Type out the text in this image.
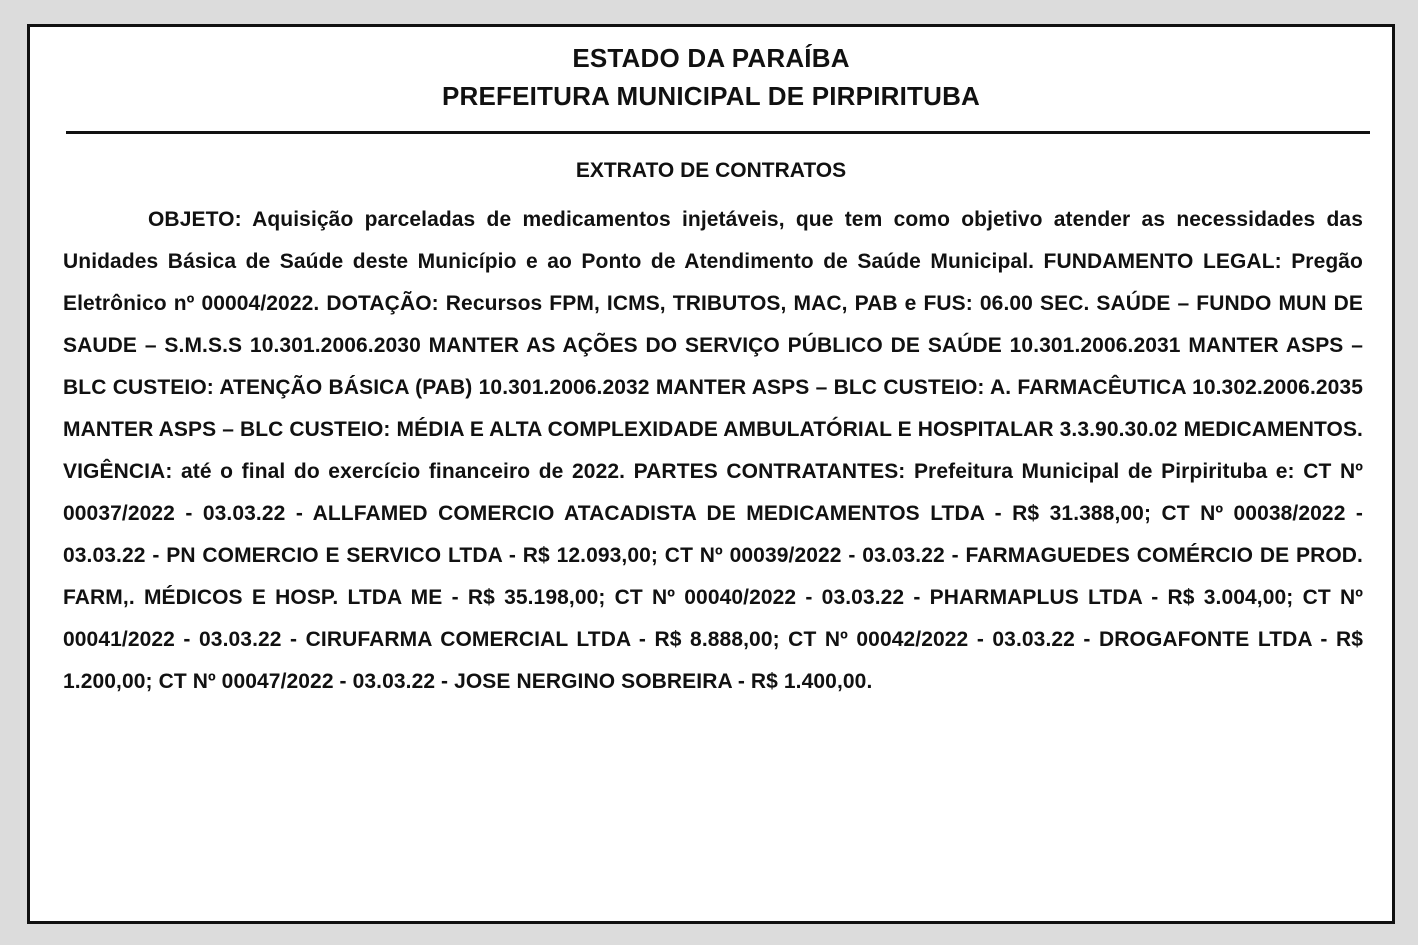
ESTADO DA PARAÍBA
PREFEITURA MUNICIPAL DE PIRPIRITUBA
EXTRATO DE CONTRATOS

OBJETO: Aquisição parceladas de medicamentos injetáveis, que tem como objetivo atender as necessidades das Unidades Básica de Saúde deste Município e ao Ponto de Atendimento de Saúde Municipal. FUNDAMENTO LEGAL: Pregão Eletrônico nº 00004/2022. DOTAÇÃO: Recursos FPM, ICMS, TRIBUTOS, MAC, PAB e FUS: 06.00 SEC. SAÚDE – FUNDO MUN DE SAUDE – S.M.S.S 10.301.2006.2030 MANTER AS AÇÕES DO SERVIÇO PÚBLICO DE SAÚDE 10.301.2006.2031 MANTER ASPS – BLC CUSTEIO: ATENÇÃO BÁSICA (PAB) 10.301.2006.2032 MANTER ASPS – BLC CUSTEIO: A. FARMACÊUTICA 10.302.2006.2035 MANTER ASPS – BLC CUSTEIO: MÉDIA E ALTA COMPLEXIDADE AMBULATÓRIAL E HOSPITALAR 3.3.90.30.02 MEDICAMENTOS. VIGÊNCIA: até o final do exercício financeiro de 2022. PARTES CONTRATANTES: Prefeitura Municipal de Pirpirituba e: CT Nº 00037/2022 - 03.03.22 - ALLFAMED COMERCIO ATACADISTA DE MEDICAMENTOS LTDA - R$ 31.388,00; CT Nº 00038/2022 - 03.03.22 - PN COMERCIO E SERVICO LTDA - R$ 12.093,00; CT Nº 00039/2022 - 03.03.22 - FARMAGUEDES COMÉRCIO DE PROD. FARM,. MÉDICOS E HOSP. LTDA ME - R$ 35.198,00; CT Nº 00040/2022 - 03.03.22 - PHARMAPLUS LTDA - R$ 3.004,00; CT Nº 00041/2022 - 03.03.22 - CIRUFARMA COMERCIAL LTDA - R$ 8.888,00; CT Nº 00042/2022 - 03.03.22 - DROGAFONTE LTDA - R$ 1.200,00; CT Nº 00047/2022 - 03.03.22 - JOSE NERGINO SOBREIRA - R$ 1.400,00.
